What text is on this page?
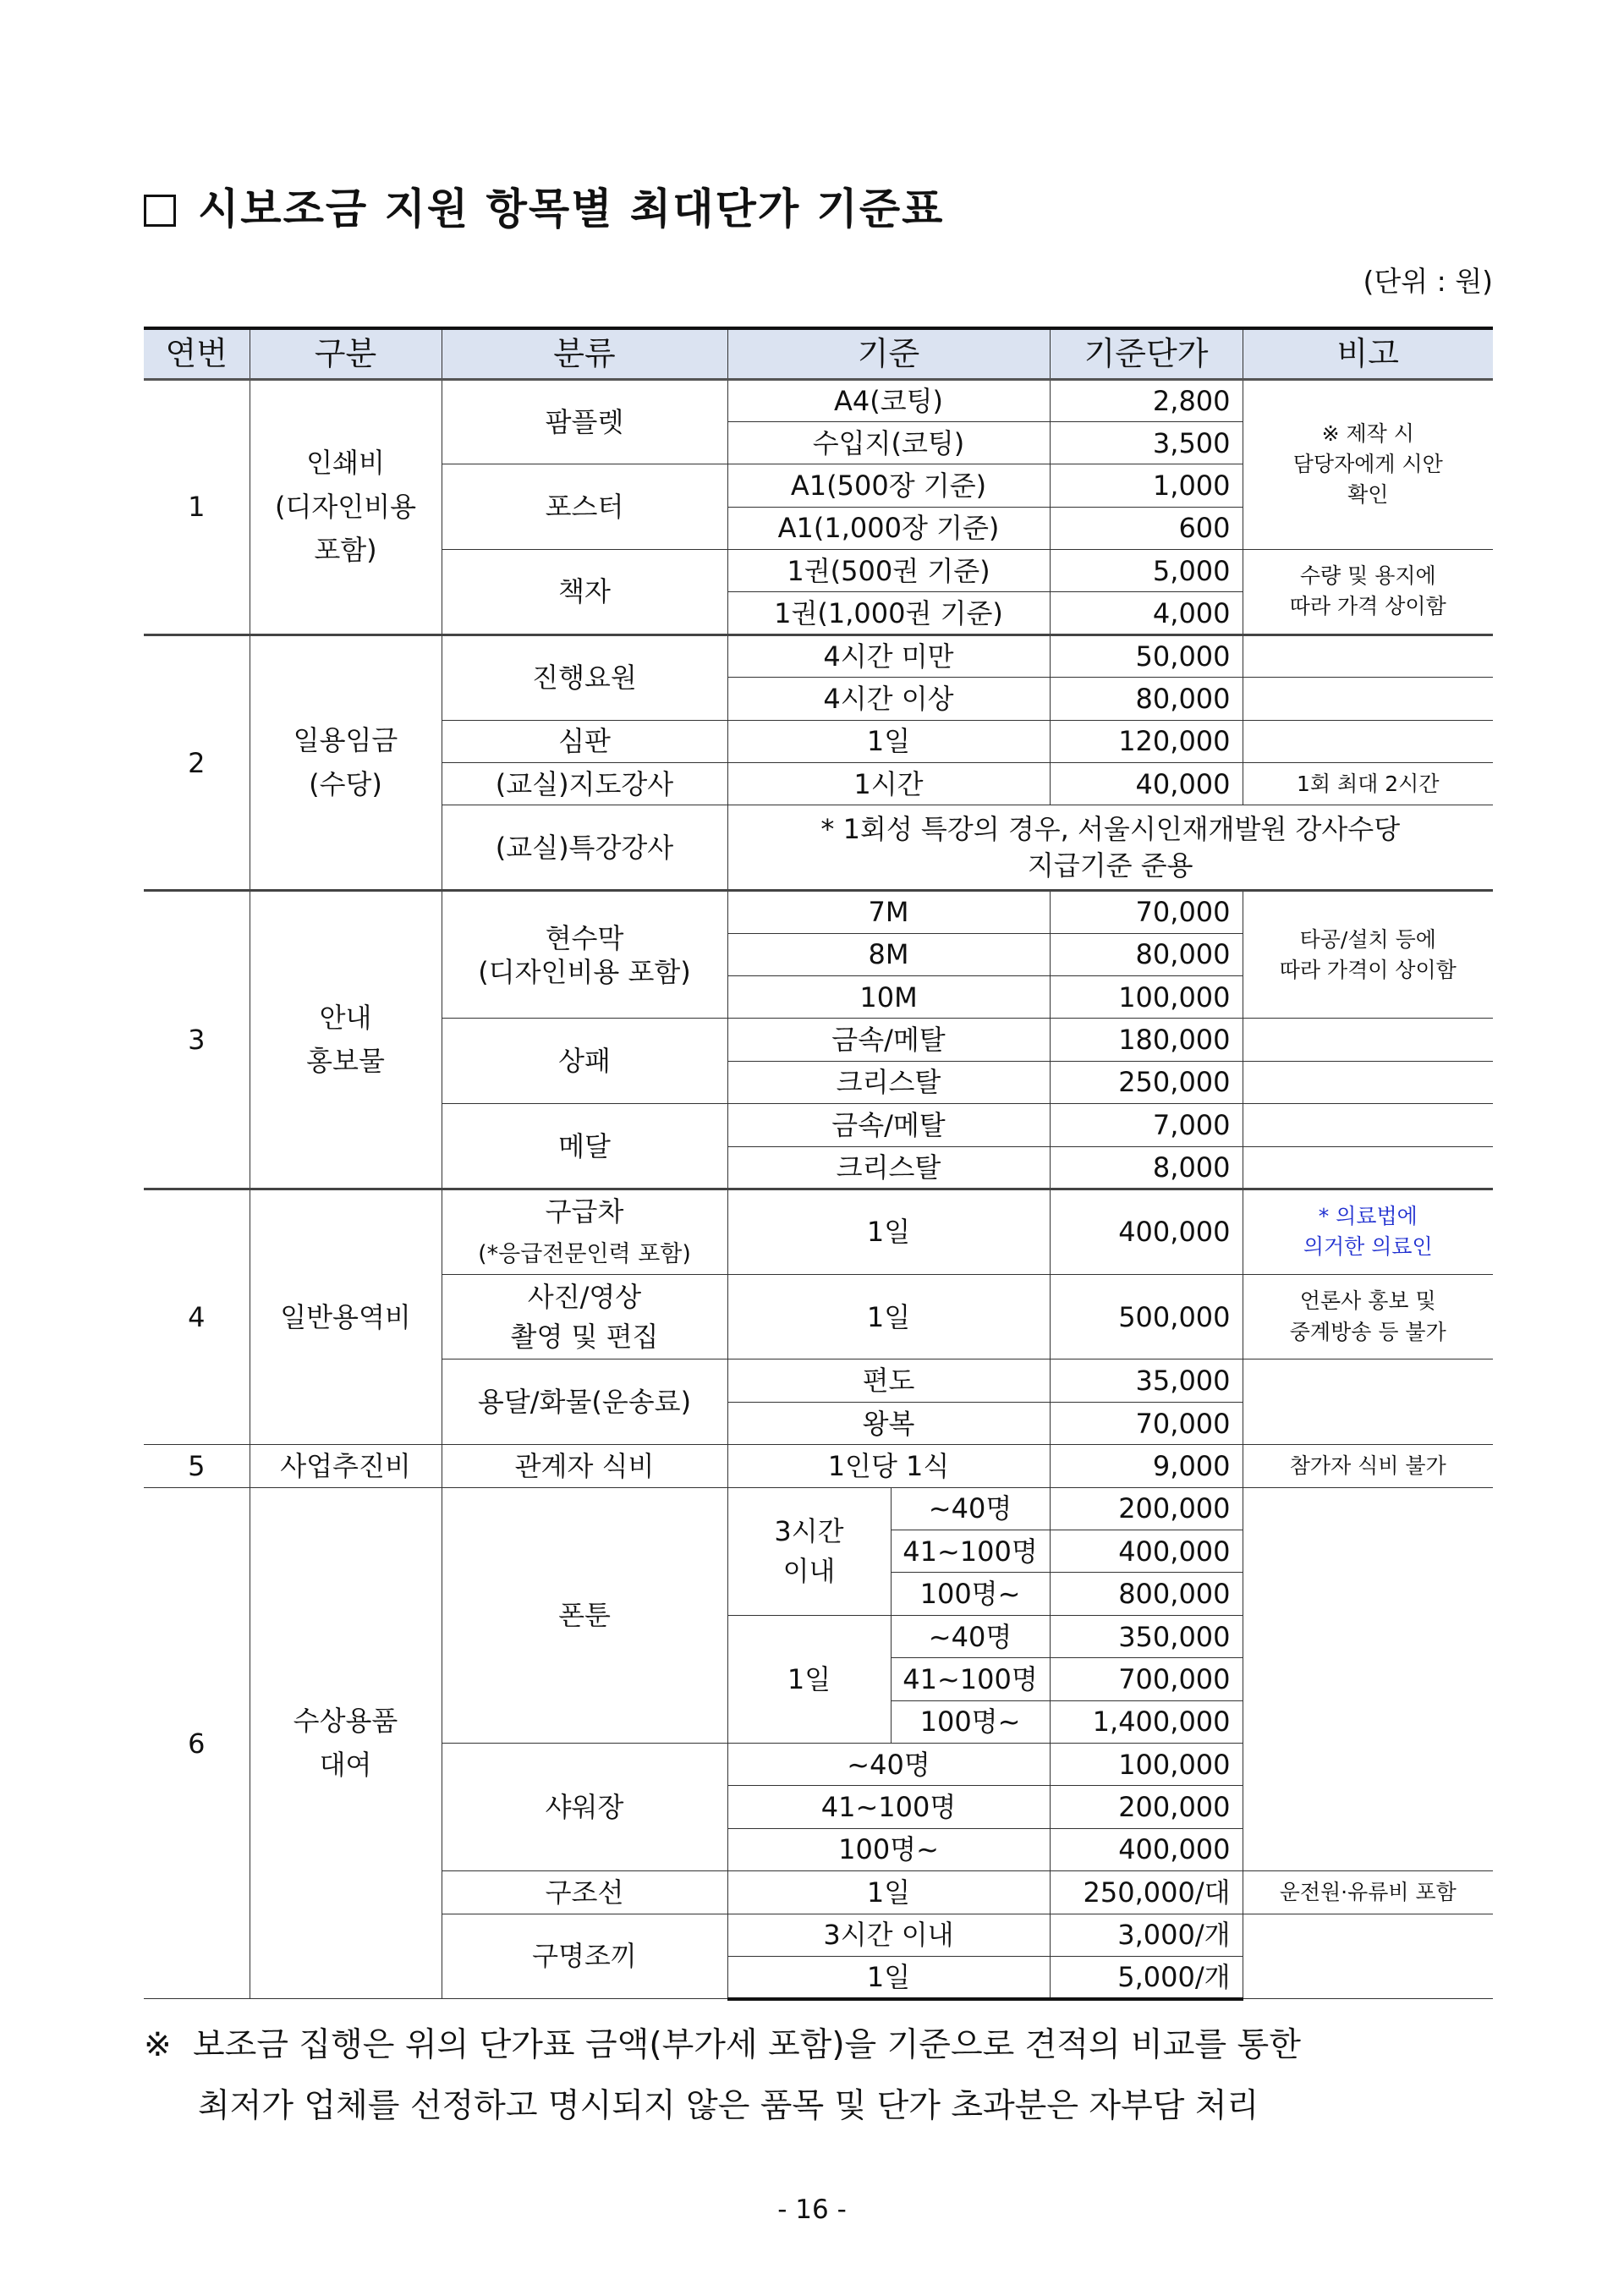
시보조금 지원 항목별 최대단가 기준표
(단위 : 원)
연번	구분	분류	기준		기준단가	비고
1	인쇄비
(디자인비용
포함)	팜플렛	A4(코팅)		2,800	※ 제작 시
담당자에게 시안
확인
			수입지(코팅)		3,500	
		포스터	A1(500장 기준)		1,000	
			A1(1,000장 기준)		600	
		책자	1권(500권 기준)		5,000	수량 및 용지에
따라 가격 상이함
			1권(1,000권 기준)		4,000	
2	일용임금
(수당)	진행요원	4시간 미만		50,000	
			4시간 이상		80,000	
		심판	1일		120,000	
		(교실)지도강사	1시간		40,000	1회 최대 2시간
		(교실)특강강사	* 1회성 특강의 경우, 서울시인재개발원 강사수당
지급기준 준용			

3	안내
홍보물	현수막
(디자인비용 포함)	7M		70,000	타공/설치 등에
따라 가격이 상이함
			8M		80,000	
			10M		100,000	
		상패	금속/메탈		180,000	
			크리스탈		250,000	
		메달	금속/메탈		7,000	
			크리스탈		8,000	
4	일반용역비	구급차
(*응급전문인력 포함)	1일		400,000	* 의료법에
의거한 의료인

		사진/영상
촬영 및 편집	1일		500,000	언론사 홍보 및
중계방송 등 불가

		용달/화물(운송료)	편도		35,000	
			왕복		70,000	
5	사업추진비	관계자 식비	1인당 1식		9,000	참가자 식비 불가
6	수상용품
대여	폰툰	3시간
이내	~40명	200,000	
				41~100명	400,000	
				100명~	800,000	
			1일	~40명	350,000	
				41~100명	700,000	
				100명~	1,400,000	
		샤워장	~40명		100,000	
			41~100명		200,000	
			100명~		400,000	
		구조선	1일		250,000/대	운전원·유류비 포함
		구명조끼	3시간 이내		3,000/개	
			1일		5,000/개	

※ 보조금 집행은 위의 단가표 금액(부가세 포함)을 기준으로 견적의 비교를 통한

최저가 업체를 선정하고 명시되지 않은 품목 및 단가 초과분은 자부담 처리

- 16 -
